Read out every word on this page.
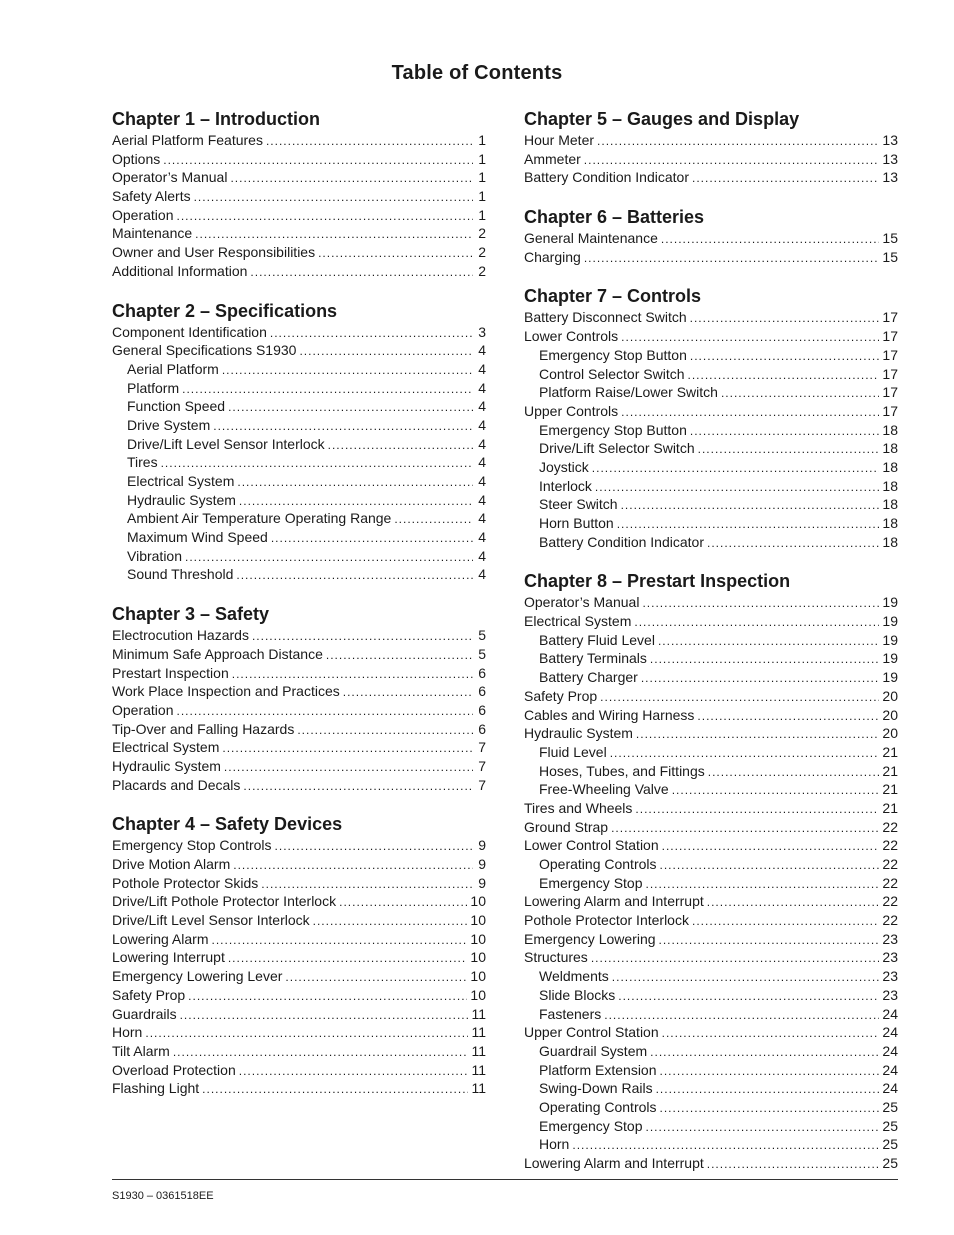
Table of Contents
Chapter 1 – Introduction
Aerial Platform Features .....	1
Options .....	1
Operator’s Manual .....	1
Safety Alerts .....	1
Operation .....	1
Maintenance .....	2
Owner and User Responsibilities .....	2
Additional Information .....	2
Chapter 2 – Specifications
Component Identification .....	3
General Specifications S1930 .....	4
Aerial Platform .....	4
Platform .....	4
Function Speed .....	4
Drive System .....	4
Drive/Lift Level Sensor Interlock .....	4
Tires .....	4
Electrical System .....	4
Hydraulic System .....	4
Ambient Air Temperature Operating Range .....	4
Maximum Wind Speed .....	4
Vibration .....	4
Sound Threshold .....	4
Chapter 3 – Safety
Electrocution Hazards .....	5
Minimum Safe Approach Distance .....	5
Prestart Inspection .....	6
Work Place Inspection and Practices .....	6
Operation .....	6
Tip-Over and Falling Hazards .....	6
Electrical System .....	7
Hydraulic System .....	7
Placards and Decals .....	7
Chapter 4 – Safety Devices
Emergency Stop Controls .....	9
Drive Motion Alarm .....	9
Pothole Protector Skids .....	9
Drive/Lift Pothole Protector Interlock .....	10
Drive/Lift Level Sensor Interlock .....	10
Lowering Alarm .....	10
Lowering Interrupt .....	10
Emergency Lowering Lever .....	10
Safety Prop .....	10
Guardrails .....	11
Horn .....	11
Tilt Alarm .....	11
Overload Protection .....	11
Flashing Light .....	11
Chapter 5 – Gauges and Display
Hour Meter .....	13
Ammeter .....	13
Battery Condition Indicator .....	13
Chapter 6 – Batteries
General Maintenance .....	15
Charging .....	15
Chapter 7 – Controls
Battery Disconnect Switch .....	17
Lower Controls .....	17
Emergency Stop Button .....	17
Control Selector Switch .....	17
Platform Raise/Lower Switch .....	17
Upper Controls .....	17
Emergency Stop Button .....	18
Drive/Lift Selector Switch .....	18
Joystick .....	18
Interlock .....	18
Steer Switch .....	18
Horn Button .....	18
Battery Condition Indicator .....	18
Chapter 8 – Prestart Inspection
Operator’s Manual .....	19
Electrical System .....	19
Battery Fluid Level .....	19
Battery Terminals .....	19
Battery Charger .....	19
Safety Prop .....	20
Cables and Wiring Harness .....	20
Hydraulic System .....	20
Fluid Level .....	21
Hoses, Tubes, and Fittings .....	21
Free-Wheeling Valve .....	21
Tires and Wheels .....	21
Ground Strap .....	22
Lower Control Station .....	22
Operating Controls .....	22
Emergency Stop .....	22
Lowering Alarm and Interrupt .....	22
Pothole Protector Interlock .....	22
Emergency Lowering .....	23
Structures .....	23
Weldments .....	23
Slide Blocks .....	23
Fasteners .....	24
Upper Control Station .....	24
Guardrail System .....	24
Platform Extension .....	24
Swing-Down Rails .....	24
Operating Controls .....	25
Emergency Stop .....	25
Horn .....	25
Lowering Alarm and Interrupt .....	25
S1930 – 0361518EE
